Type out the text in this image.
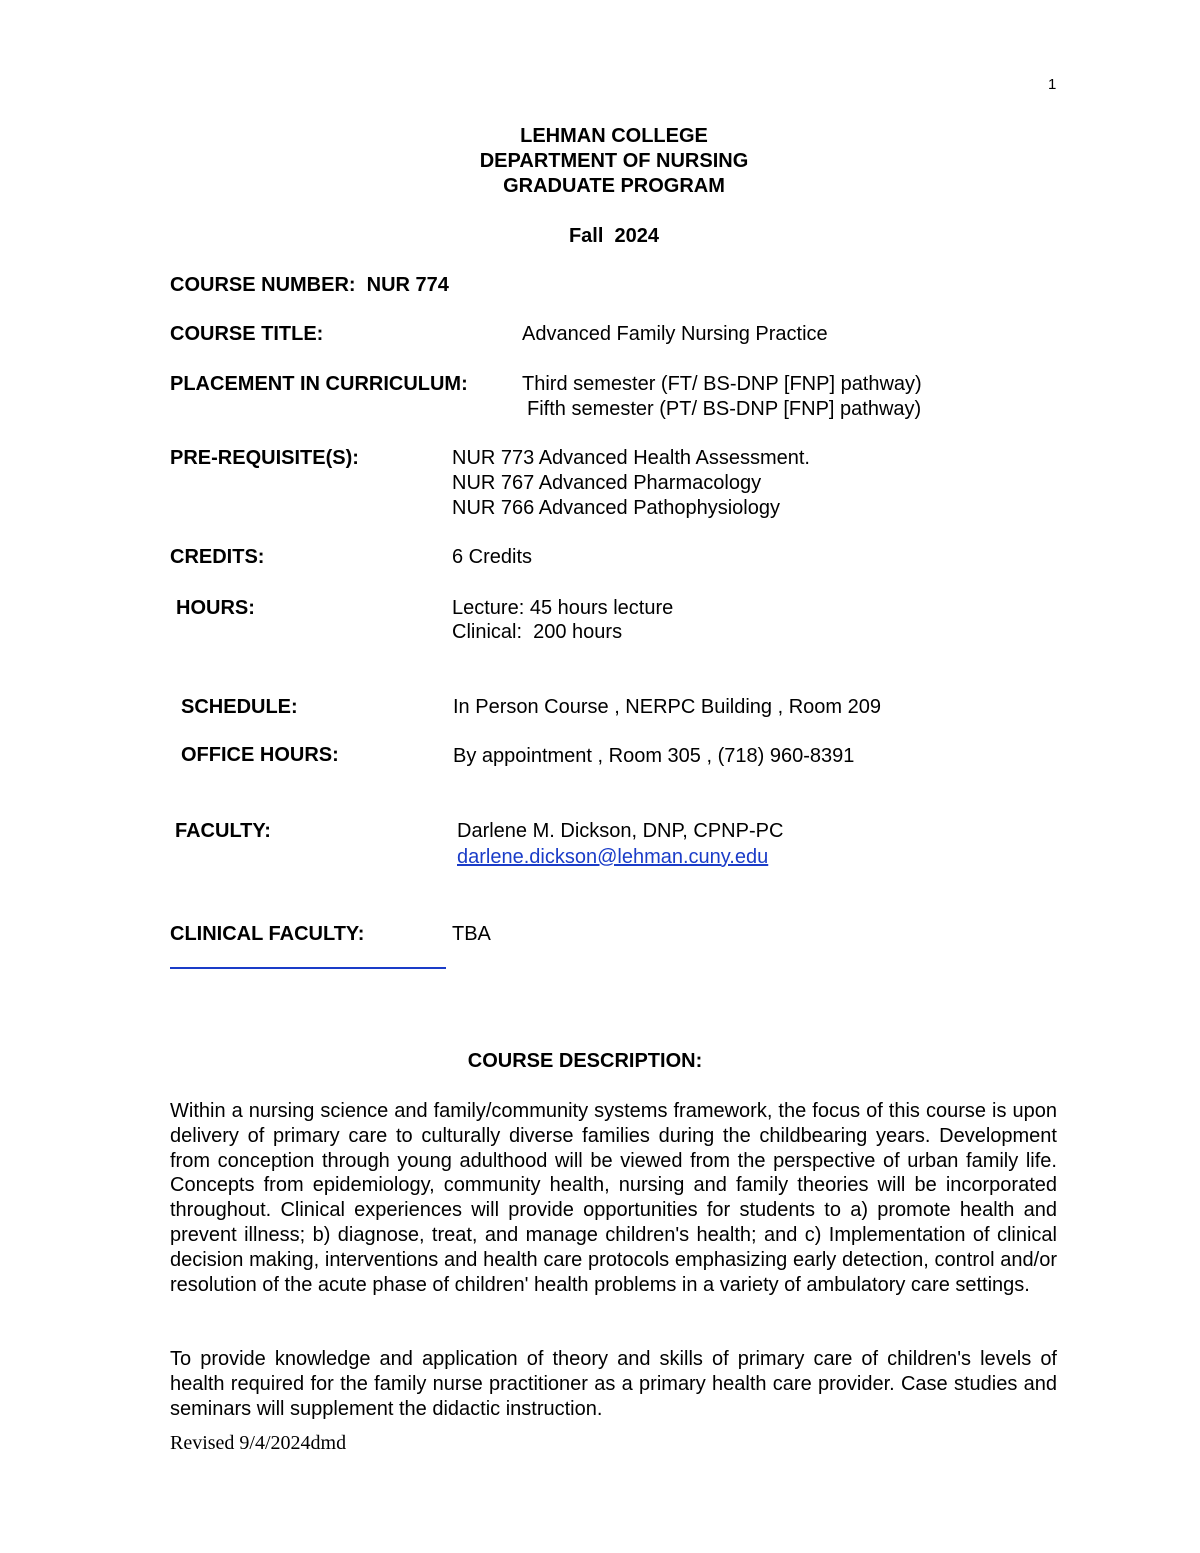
1
LEHMAN COLLEGE
DEPARTMENT OF NURSING
GRADUATE PROGRAM
Fall  2024
COURSE NUMBER:  NUR 774
COURSE TITLE:	Advanced Family Nursing Practice
PLACEMENT IN CURRICULUM:	Third semester (FT/ BS-DNP [FNP] pathway)
Fifth semester (PT/ BS-DNP [FNP] pathway)
PRE-REQUISITE(S):	NUR 773 Advanced Health Assessment.
NUR 767 Advanced Pharmacology
NUR 766 Advanced Pathophysiology
CREDITS:	6 Credits
HOURS:	Lecture: 45 hours lecture
Clinical:  200 hours
SCHEDULE:	In Person Course , NERPC Building , Room 209
OFFICE HOURS:	By appointment , Room 305 , (718) 960-8391
FACULTY:	Darlene M. Dickson, DNP, CPNP-PC
darlene.dickson@lehman.cuny.edu
CLINICAL FACULTY:	TBA
COURSE DESCRIPTION:
Within a nursing science and family/community systems framework, the focus of this course is upon delivery of primary care to culturally diverse families during the childbearing years. Development from conception through young adulthood will be viewed from the perspective of urban family life. Concepts from epidemiology, community health, nursing and family theories will be incorporated throughout. Clinical experiences will provide opportunities for students to a) promote health and prevent illness; b) diagnose, treat, and manage children's health; and c) Implementation of clinical decision making, interventions and health care protocols emphasizing early detection, control and/or resolution of the acute phase of children' health problems in a variety of ambulatory care settings.
To provide knowledge and application of theory and skills of primary care of children's levels of health required for the family nurse practitioner as a primary health care provider. Case studies and seminars will supplement the didactic instruction.
Revised 9/4/2024dmd
